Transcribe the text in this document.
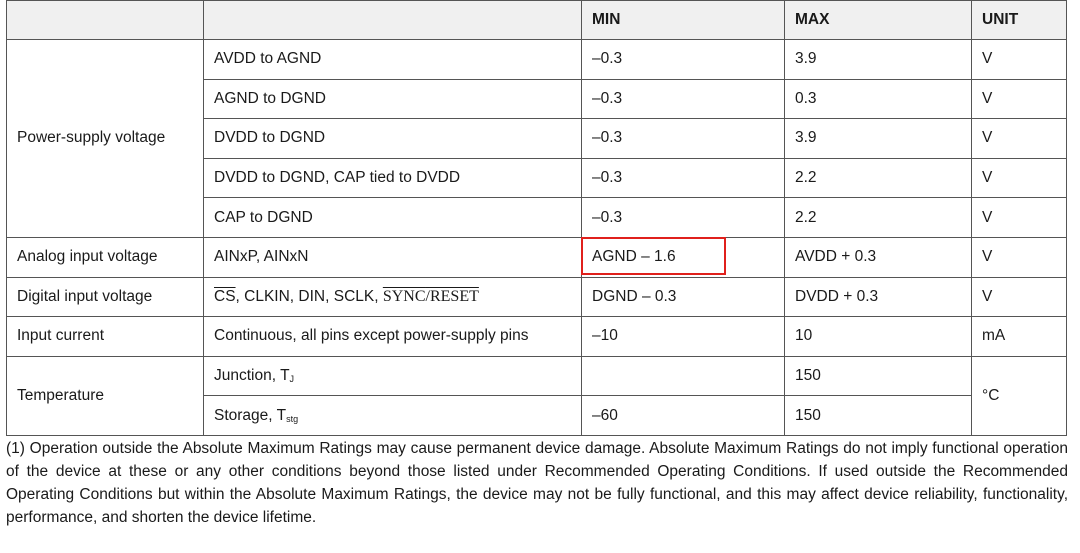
		MIN	MAX	UNIT
Power-supply voltage	AVDD to AGND	–0.3	3.9	V
	AGND to DGND	–0.3	0.3	V
	DVDD to DGND	–0.3	3.9	V
	DVDD to DGND, CAP tied to DVDD	–0.3	2.2	V
	CAP to DGND	–0.3	2.2	V
Analog input voltage	AINxP, AINxN	AGND – 1.6	AVDD + 0.3	V
Digital input voltage	$\overline{CS}$, CLKIN, DIN, SCLK, SYNC/RESET	DGND – 0.3	DVDD + 0.3	V
Input current	Continuous, all pins except power-supply pins	–10	10	mA
Temperature	Junction, $T_J$		150	°C
	Storage, $T_{stg}$	–60	150	
(1) Operation outside the Absolute Maximum Ratings may cause permanent device damage. Absolute Maximum Ratings do not imply functional operation of the device at these or any other conditions beyond those listed under Recommended Operating Conditions. If used outside the Recommended Operating Conditions but within the Absolute Maximum Ratings, the device may not be fully functional, and this may affect device reliability, functionality, performance, and shorten the device lifetime.
